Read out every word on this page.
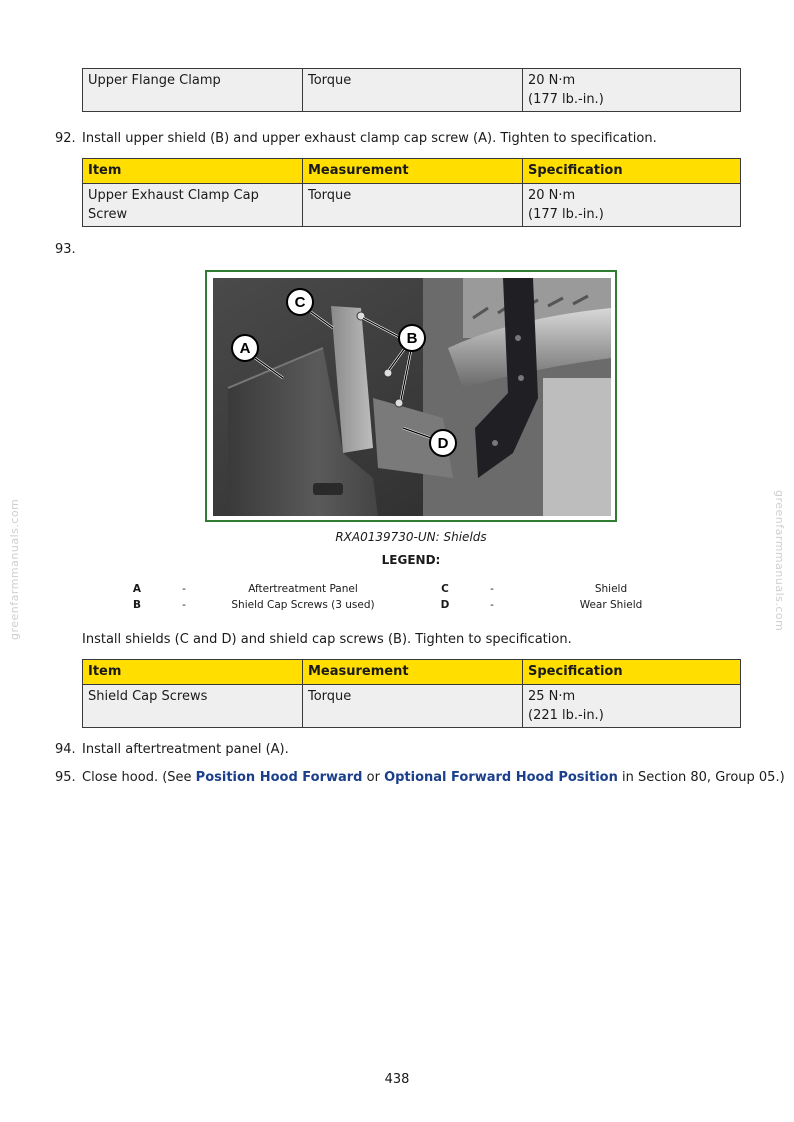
Upper Flange Clamp	Torque	20 N·m
(177 lb.-in.)
92. Install upper shield (B) and upper exhaust clamp cap screw (A). Tighten to specification.
Item	Measurement	Specification
Upper Exhaust Clamp Cap Screw	Torque	20 N·m
(177 lb.-in.)
93.
C
A
B
D
RXA0139730-UN: Shields
LEGEND:
A	-	Aftertreatment Panel
B	-	Shield Cap Screws (3 used)
C	-	Shield
D	-	Wear Shield
Install shields (C and D) and shield cap screws (B). Tighten to specification.
Item	Measurement	Specification
Shield Cap Screws	Torque	25 N·m
(221 lb.-in.)
94. Install aftertreatment panel (A).
95. Close hood. (See Position Hood Forward or Optional Forward Hood Position in Section 80, Group 05.)
greenfarmmanuals.com	greenfarmmanuals.com
438
